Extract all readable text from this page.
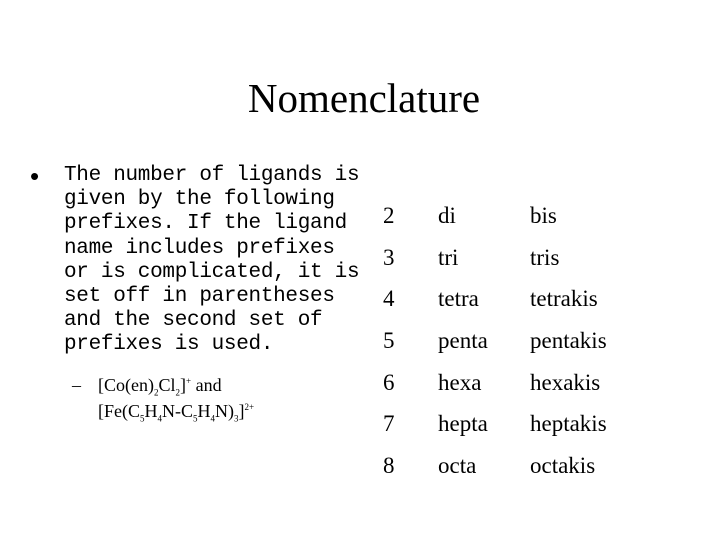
Nomenclature
• The number of ligands is
given by the following
prefixes. If the ligand
name includes prefixes
or is complicated, it is
set off in parentheses
and the second set of
prefixes is used.
– $[Co(en)_2Cl_2]^+$ and
$[Fe(C_5H_4N-C_5H_4N)_3]^{2+}$
2	di	bis
3	tri	tris
4	tetra	tetrakis
5	penta	pentakis
6	hexa	hexakis
7	hepta	heptakis
8	octa	octakis
